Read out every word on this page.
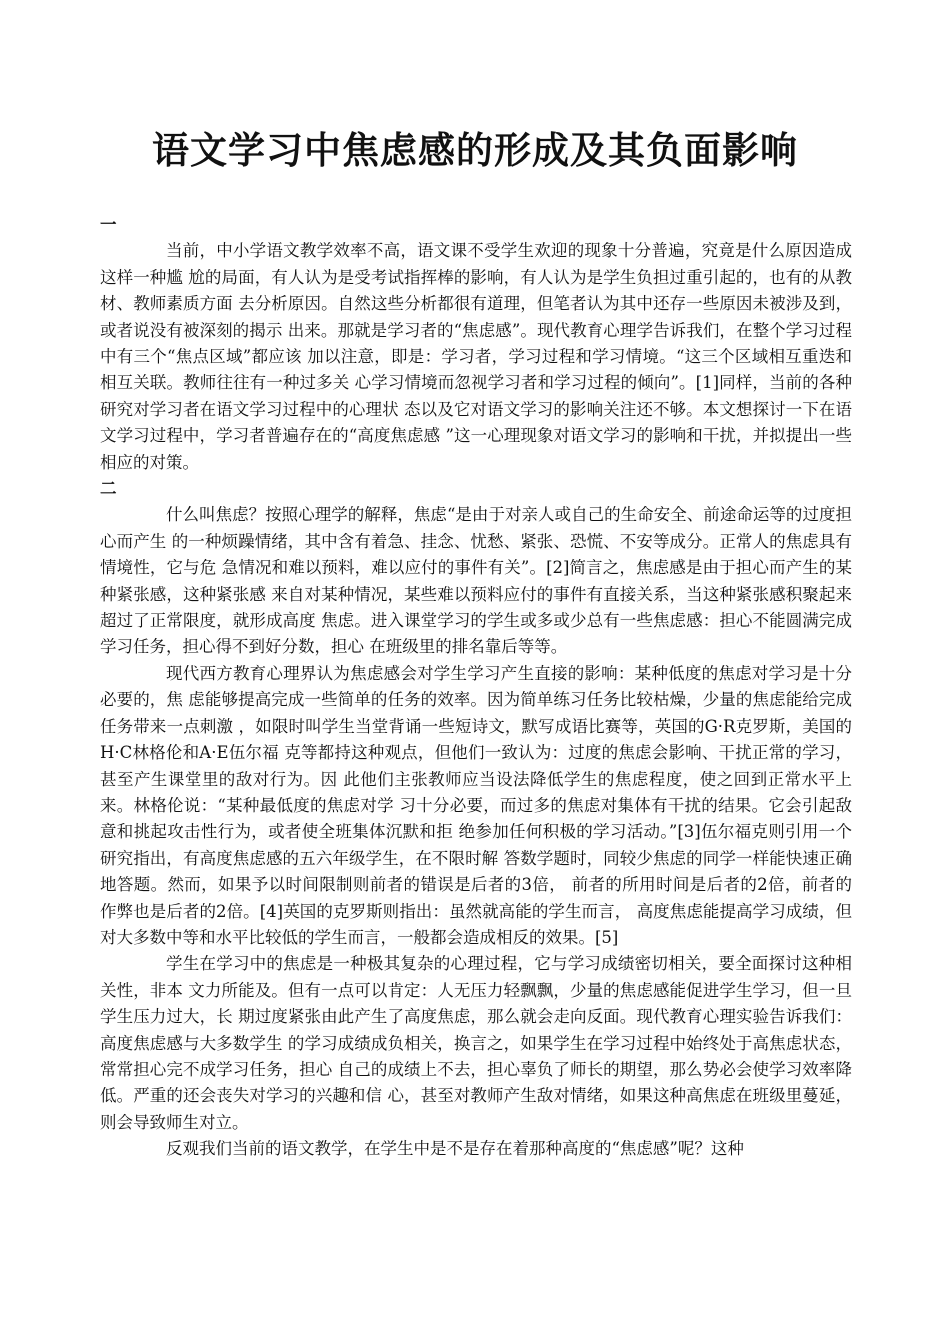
语文学习中焦虑感的形成及其负面影响

一

当前，中小学语文教学效率不高，语文课不受学生欢迎的现象十分普遍，究竟是什么原因造成这样一种尴 尬的局面，有人认为是受考试指挥棒的影响，有人认为是学生负担过重引起的，也有的从教材、教师素质方面 去分析原因。自然这些分析都很有道理，但笔者认为其中还存一些原因未被涉及到，或者说没有被深刻的揭示 出来。那就是学习者的“焦虑感”。现代教育心理学告诉我们，在整个学习过程中有三个“焦点区域”都应该 加以注意，即是：学习者，学习过程和学习情境。“这三个区域相互重迭和相互关联。教师往往有一种过多关 心学习情境而忽视学习者和学习过程的倾向”。[1]同样，当前的各种研究对学习者在语文学习过程中的心理状 态以及它对语文学习的影响关注还不够。本文想探讨一下在语文学习过程中，学习者普遍存在的“高度焦虑感 ”这一心理现象对语文学习的影响和干扰，并拟提出一些相应的对策。

二

什么叫焦虑？按照心理学的解释，焦虑“是由于对亲人或自己的生命安全、前途命运等的过度担心而产生 的一种烦躁情绪，其中含有着急、挂念、忧愁、紧张、恐慌、不安等成分。正常人的焦虑具有情境性，它与危 急情况和难以预料，难以应付的事件有关”。[2]简言之，焦虑感是由于担心而产生的某种紧张感，这种紧张感 来自对某种情况，某些难以预料应付的事件有直接关系，当这种紧张感积聚起来超过了正常限度，就形成高度 焦虑。进入课堂学习的学生或多或少总有一些焦虑感：担心不能圆满完成学习任务，担心得不到好分数，担心 在班级里的排名靠后等等。

现代西方教育心理界认为焦虑感会对学生学习产生直接的影响：某种低度的焦虑对学习是十分必要的，焦 虑能够提高完成一些简单的任务的效率。因为简单练习任务比较枯燥，少量的焦虑能给完成任务带来一点刺激 ，如限时叫学生当堂背诵一些短诗文，默写成语比赛等，英国的G·R克罗斯，美国的H·C林格伦和A·E伍尔福 克等都持这种观点，但他们一致认为：过度的焦虑会影响、干扰正常的学习，甚至产生课堂里的敌对行为。因 此他们主张教师应当设法降低学生的焦虑程度，使之回到正常水平上来。林格伦说：“某种最低度的焦虑对学 习十分必要，而过多的焦虑对集体有干扰的结果。它会引起敌意和挑起攻击性行为，或者使全班集体沉默和拒 绝参加任何积极的学习活动。”[3]伍尔福克则引用一个研究指出，有高度焦虑感的五六年级学生，在不限时解 答数学题时，同较少焦虑的同学一样能快速正确地答题。然而，如果予以时间限制则前者的错误是后者的3倍， 前者的所用时间是后者的2倍，前者的作弊也是后者的2倍。[4]英国的克罗斯则指出：虽然就高能的学生而言， 高度焦虑能提高学习成绩，但对大多数中等和水平比较低的学生而言，一般都会造成相反的效果。[5]

学生在学习中的焦虑是一种极其复杂的心理过程，它与学习成绩密切相关，要全面探讨这种相关性，非本 文力所能及。但有一点可以肯定：人无压力轻飘飘，少量的焦虑感能促进学生学习，但一旦学生压力过大，长 期过度紧张由此产生了高度焦虑，那么就会走向反面。现代教育心理实验告诉我们：高度焦虑感与大多数学生 的学习成绩成负相关，换言之，如果学生在学习过程中始终处于高焦虑状态，常常担心完不成学习任务，担心 自己的成绩上不去，担心辜负了师长的期望，那么势必会使学习效率降低。严重的还会丧失对学习的兴趣和信 心，甚至对教师产生敌对情绪，如果这种高焦虑在班级里蔓延，则会导致师生对立。

反观我们当前的语文教学，在学生中是不是存在着那种高度的“焦虑感”呢？这种
